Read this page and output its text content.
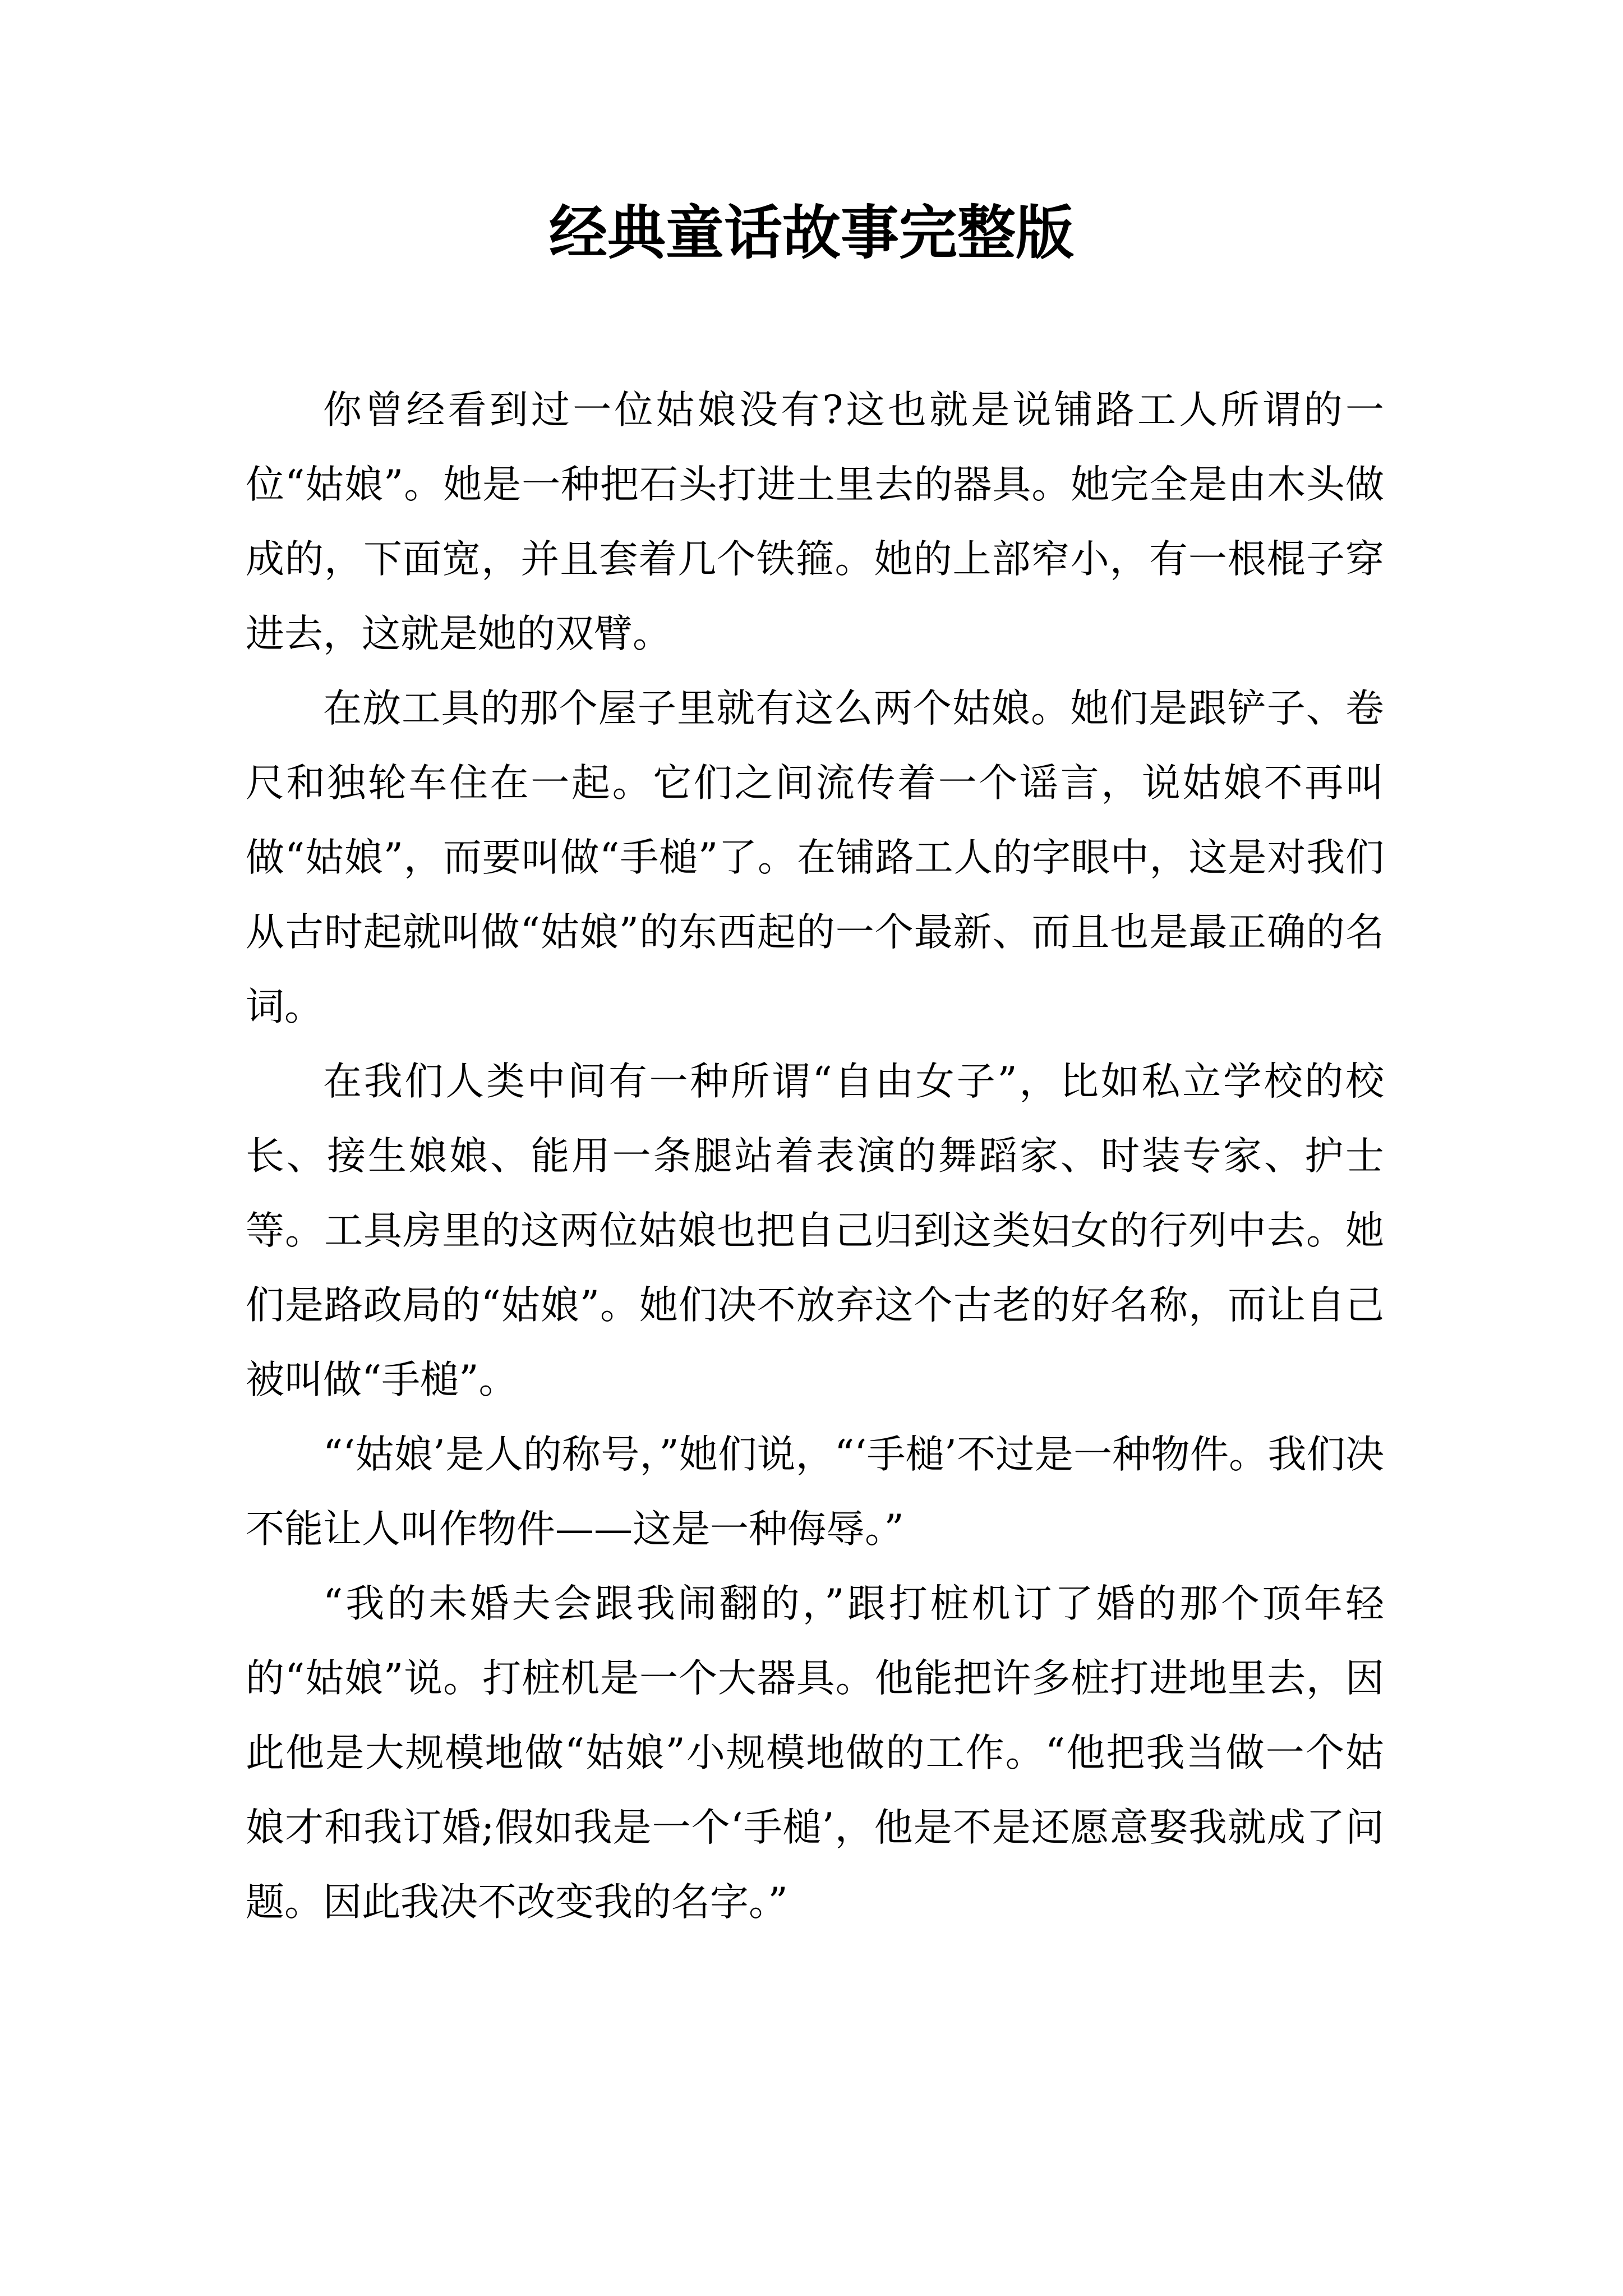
经典童话故事完整版

你曾经看到过一位姑娘没有?这也就是说铺路工人所谓的一位“姑娘”。她是一种把石头打进土里去的器具。她完全是由木头做成的，下面宽，并且套着几个铁箍。她的上部窄小，有一根棍子穿进去，这就是她的双臂。

在放工具的那个屋子里就有这么两个姑娘。她们是跟铲子、卷尺和独轮车住在一起。它们之间流传着一个谣言，说姑娘不再叫做“姑娘”，而要叫做“手槌”了。在铺路工人的字眼中，这是对我们从古时起就叫做“姑娘”的东西起的一个最新、而且也是最正确的名词。

在我们人类中间有一种所谓“自由女子”，比如私立学校的校长、接生娘娘、能用一条腿站着表演的舞蹈家、时装专家、护士等。工具房里的这两位姑娘也把自己归到这类妇女的行列中去。她们是路政局的“姑娘”。她们决不放弃这个古老的好名称，而让自己被叫做“手槌”。

“‘姑娘’是人的称号，”她们说，“‘手槌’不过是一种物件。我们决不能让人叫作物件——这是一种侮辱。”

“我的未婚夫会跟我闹翻的，”跟打桩机订了婚的那个顶年轻的“姑娘”说。打桩机是一个大器具。他能把许多桩打进地里去，因此他是大规模地做“姑娘”小规模地做的工作。“他把我当做一个姑娘才和我订婚;假如我是一个‘手槌’，他是不是还愿意娶我就成了问题。因此我决不改变我的名字。”
